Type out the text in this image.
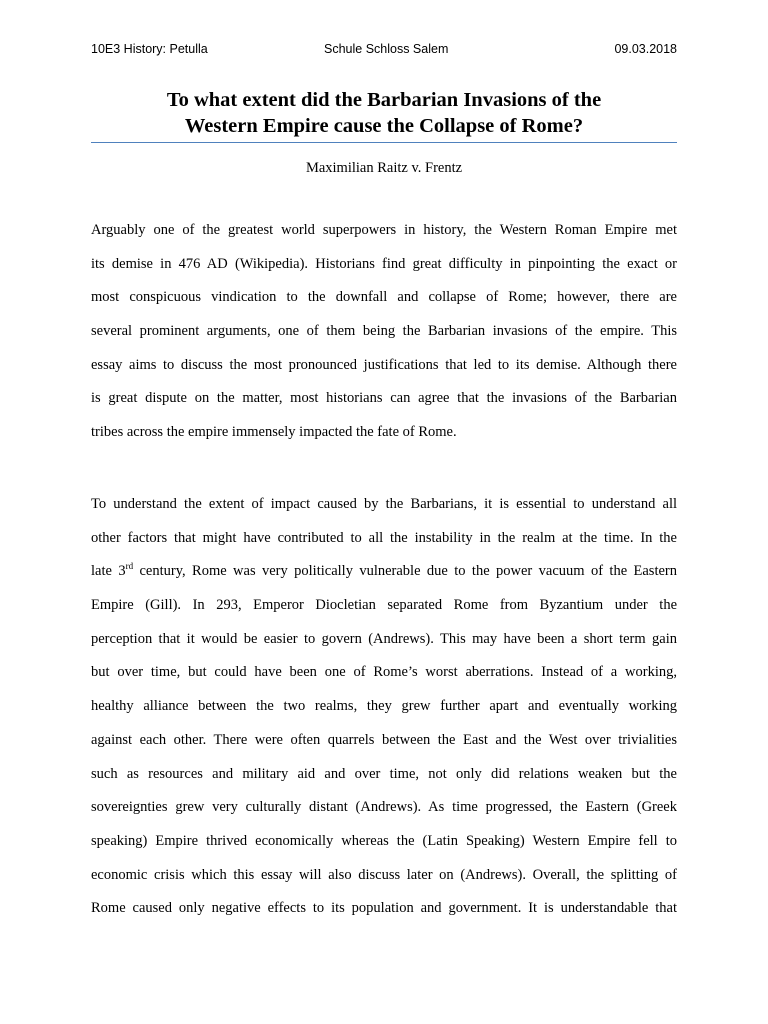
10E3 History: Petulla	Schule Schloss Salem	09.03.2018
To what extent did the Barbarian Invasions of the
Western Empire cause the Collapse of Rome?
Maximilian Raitz v. Frentz
Arguably one of the greatest world superpowers in history, the Western Roman Empire met
its demise in 476 AD (Wikipedia). Historians find great difficulty in pinpointing the exact or
most conspicuous vindication to the downfall and collapse of Rome; however, there are
several prominent arguments, one of them being the Barbarian invasions of the empire. This
essay aims to discuss the most pronounced justifications that led to its demise. Although there
is great dispute on the matter, most historians can agree that the invasions of the Barbarian
tribes across the empire immensely impacted the fate of Rome.
To understand the extent of impact caused by the Barbarians, it is essential to understand all
other factors that might have contributed to all the instability in the realm at the time. In the
late 3rd century, Rome was very politically vulnerable due to the power vacuum of the Eastern
Empire (Gill). In 293, Emperor Diocletian separated Rome from Byzantium under the
perception that it would be easier to govern (Andrews). This may have been a short term gain
but over time, but could have been one of Rome’s worst aberrations. Instead of a working,
healthy alliance between the two realms, they grew further apart and eventually working
against each other. There were often quarrels between the East and the West over trivialities
such as resources and military aid and over time, not only did relations weaken but the
sovereignties grew very culturally distant (Andrews). As time progressed, the Eastern (Greek
speaking) Empire thrived economically whereas the (Latin Speaking) Western Empire fell to
economic crisis which this essay will also discuss later on (Andrews). Overall, the splitting of
Rome caused only negative effects to its population and government. It is understandable that
